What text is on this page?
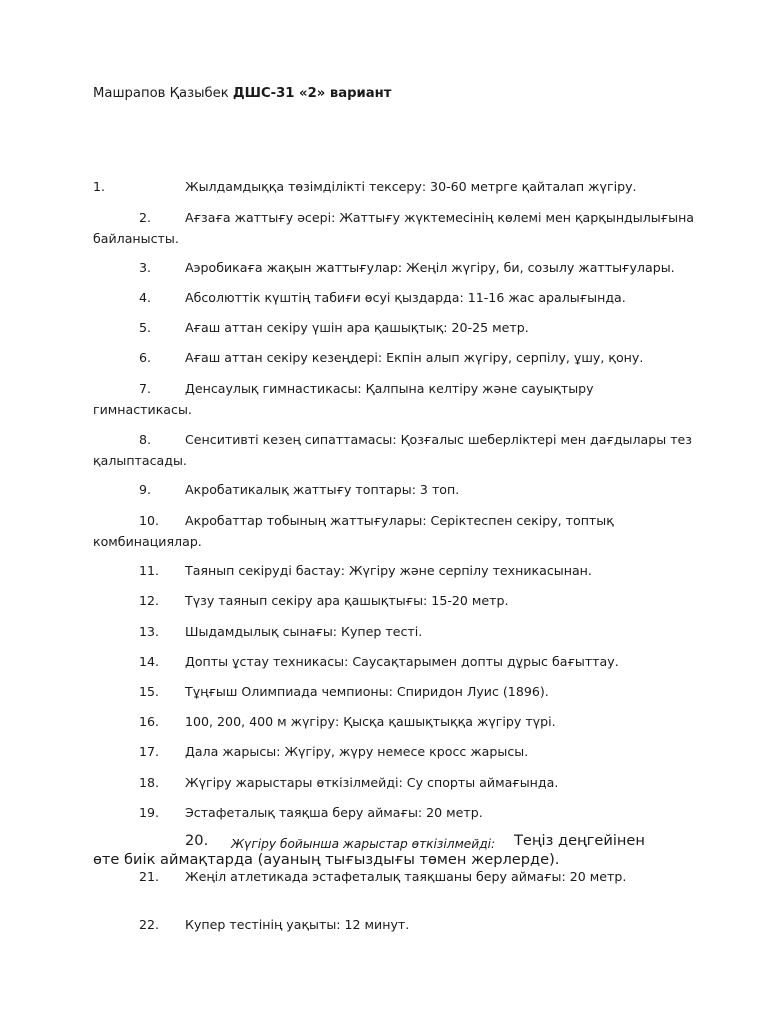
Машрапов Қазыбек ДШС-31 «2» вариант
1.	Жылдамдыққа төзімділікті тексеру: 30-60 метрге қайталап жүгіру.
2.	Ағзаға жаттығу әсері: Жаттығу жүктемесінің көлемі мен қарқындылығына
байланысты.
3.	Аэробикаға жақын жаттығулар: Жеңіл жүгіру, би, созылу жаттығулары.
4.	Абсолюттік күштің табиғи өсуі қыздарда: 11-16 жас аралығында.
5.	Ағаш аттан секіру үшін ара қашықтық: 20-25 метр.
6.	Ағаш аттан секіру кезеңдері: Екпін алып жүгіру, серпілу, ұшу, қону.
7.	Денсаулық гимнастикасы: Қалпына келтіру және сауықтыру
гимнастикасы.
8.	Сенситивті кезең сипаттамасы: Қозғалыс шеберліктері мен дағдылары тез
қалыптасады.
9.	Акробатикалық жаттығу топтары: 3 топ.
10. Акробаттар тобының жаттығулары: Серіктеспен секіру, топтық
комбинациялар.
11. Таянып секіруді бастау: Жүгіру және серпілу техникасынан.
12. Түзу таянып секіру ара қашықтығы: 15-20 метр.
13. Шыдамдылық сынағы: Купер тесті.
14. Допты ұстау техникасы: Саусақтарымен допты дұрыс бағыттау.
15. Тұңғыш Олимпиада чемпионы: Спиридон Луис (1896).
16. 100, 200, 400 м жүгіру: Қысқа қашықтыққа жүгіру түрі.
17. Дала жарысы: Жүгіру, жүру немесе кросс жарысы.
18. Жүгіру жарыстары өткізілмейді: Су спорты аймағында.
19. Эстафеталық таяқша беру аймағы: 20 метр.
20. Жүгіру бойынша жарыстар өткізілмейді: Теңіз деңгейінен
өте биік аймақтарда (ауаның тығыздығы төмен жерлерде).
21. Жеңіл атлетикада эстафеталық таяқшаны беру аймағы: 20 метр.
22. Купер тестінің уақыты: 12 минут.
